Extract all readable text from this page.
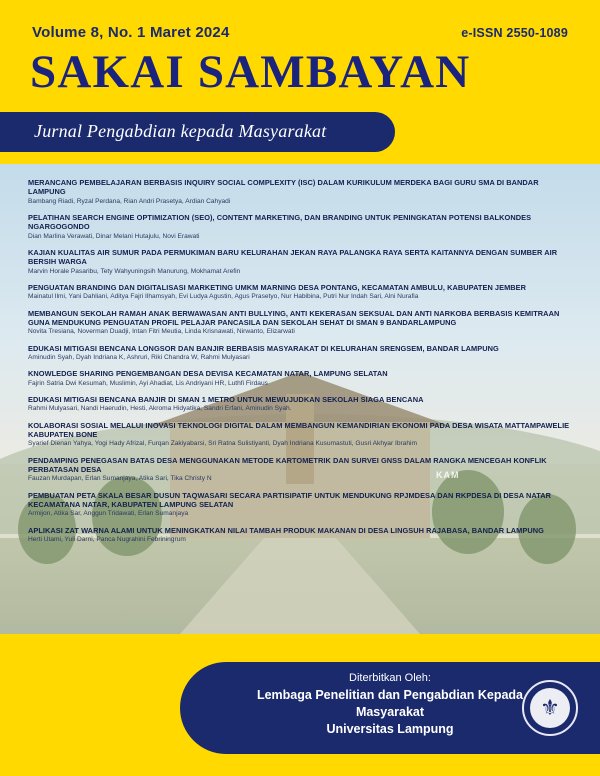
Volume 8, No. 1 Maret 2024	e-ISSN 2550-1089
SAKAI SAMBAYAN
Jurnal Pengabdian kepada Masyarakat
KAM
MERANCANG PEMBELAJARAN BERBASIS INQUIRY SOCIAL COMPLEXITY (ISC) DALAM KURIKULUM MERDEKA BAGI GURU SMA DI BANDAR LAMPUNG
Bambang Riadi, Ryzal Perdana, Rian Andri Prasetya, Ardian Cahyadi
PELATIHAN SEARCH ENGINE OPTIMIZATION (SEO), CONTENT MARKETING, DAN BRANDING UNTUK PENINGKATAN POTENSI BALKONDES NGARGOGONDO
Dian Marlina Verawati, Dinar Melani Hutajulu, Novi Erawati
KAJIAN KUALITAS AIR SUMUR PADA PERMUKIMAN BARU KELURAHAN JEKAN RAYA PALANGKA RAYA SERTA KAITANNYA DENGAN SUMBER AIR BERSIH WARGA
Marvin Horale Pasaribu, Tety Wahyuningsih Manurung, Mokhamat Arefin
PENGUATAN BRANDING DAN DIGITALISASI MARKETING UMKM MARNING DESA PONTANG, KECAMATAN AMBULU, KABUPATEN JEMBER
Mainatul Ilmi, Yani Dahliani, Aditya Fajri Ilhamsyah, Evi Ludya Agustin, Agus Prasetyo, Nur Habibina, Putri Nur Indah Sari, Alni Nurafia
MEMBANGUN SEKOLAH RAMAH ANAK BERWAWASAN ANTI BULLYING, ANTI KEKERASAN SEKSUAL DAN ANTI NARKOBA BERBASIS KEMITRAAN GUNA MENDUKUNG PENGUATAN PROFIL PELAJAR PANCASILA DAN SEKOLAH SEHAT DI SMAN 9 BANDARLAMPUNG
Novita Tresiana, Noverman Duadji, Intan Fitri Meutia, Linda Krisnawati, Nirwanto, Elizarwati
EDUKASI MITIGASI BENCANA LONGSOR DAN BANJIR BERBASIS MASYARAKAT DI KELURAHAN SRENGSEM, BANDAR LAMPUNG
Aminudin Syah, Dyah Indriana K, Ashruri, Riki Chandra W, Rahmi Mulyasari
KNOWLEDGE SHARING PENGEMBANGAN DESA DEVISA KECAMATAN NATAR, LAMPUNG SELATAN
Fajrin Satria Dwi Kesumah, Muslimin, Ayi Ahadiat, Lis Andriyani HR, Luthfi Firdaus
EDUKASI MITIGASI BENCANA BANJIR DI SMAN 1 METRO UNTUK MEWUJUDKAN SEKOLAH SIAGA BENCANA
Rahmi Mulyasari, Nandi Haerudin, Hesti, Akroma Hidyatika, Sandri Erfani, Aminudin Syah.
KOLABORASI SOSIAL MELALUI INOVASI TEKNOLOGI DIGITAL DALAM MEMBANGUN KEMANDIRIAN EKONOMI PADA DESA WISATA MATTAMPAWELIE KABUPATEN BONE
Syarief Dienan Yahya, Yogi Hady Afrizal, Furqan Zakiyabarsi, Sri Ratna Sulistiyanti, Dyah Indriana Kusumastuti, Gusri Akhyar Ibrahim
PENDAMPING PENEGASAN BATAS DESA MENGGUNAKAN METODE KARTOMETRIK DAN SURVEI GNSS DALAM RANGKA MENCEGAH KONFLIK PERBATASAN DESA
Fauzan Murdapan, Erlan Sumanjaya, Atika Sari, Tika Christy N
PEMBUATAN PETA SKALA BESAR DUSUN TAQWASARI SECARA PARTISIPATIF UNTUK MENDUKUNG RPJMDESA DAN RKPDESA DI DESA NATAR KECAMATANA NATAR, KABUPATEN LAMPUNG SELATAN
Armijon, Atika Sar, Anggun Tridawati, Erlan Sumanjaya
APLIKASI ZAT WARNA ALAMI UNTUK MENINGKATKAN NILAI TAMBAH PRODUK MAKANAN DI DESA LINGSUH RAJABASA, BANDAR LAMPUNG
Herti Utami, Yuli Darni, Panca Nugrahini Febriningrum
Diterbitkan Oleh:
Lembaga Penelitian dan Pengabdian Kepada Masyarakat
Universitas Lampung
⚜
